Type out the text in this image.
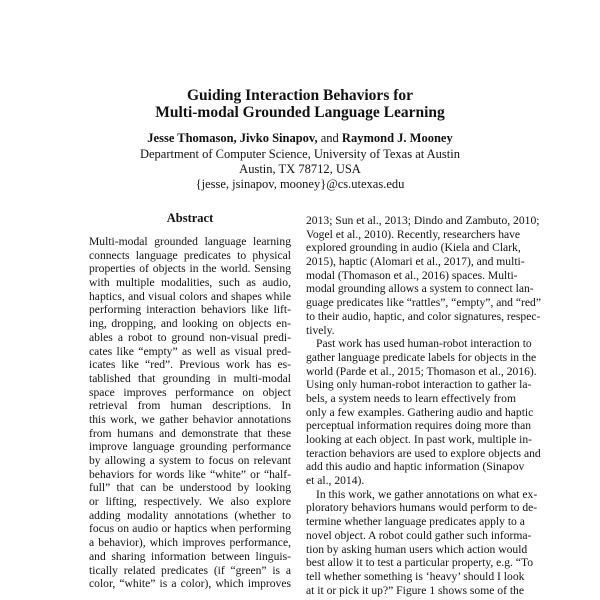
Guiding Interaction Behaviors for
Multi-modal Grounded Language Learning
Jesse Thomason, Jivko Sinapov, and Raymond J. Mooney
Department of Computer Science, University of Texas at Austin
Austin, TX 78712, USA
{jesse, jsinapov, mooney}@cs.utexas.edu
Abstract
Multi-modal grounded language learning
connects language predicates to physical
properties of objects in the world. Sensing
with multiple modalities, such as audio,
haptics, and visual colors and shapes while
performing interaction behaviors like lift-
ing, dropping, and looking on objects en-
ables a robot to ground non-visual predi-
cates like “empty” as well as visual pred-
icates like “red”. Previous work has es-
tablished that grounding in multi-modal
space improves performance on object
retrieval from human descriptions. In
this work, we gather behavior annotations
from humans and demonstrate that these
improve language grounding performance
by allowing a system to focus on relevant
behaviors for words like “white” or “half-
full” that can be understood by looking
or lifting, respectively. We also explore
adding modality annotations (whether to
focus on audio or haptics when performing
a behavior), which improves performance,
and sharing information between linguis-
tically related predicates (if “green” is a
color, “white” is a color), which improves
2013; Sun et al., 2013; Dindo and Zambuto, 2010;
Vogel et al., 2010). Recently, researchers have
explored grounding in audio (Kiela and Clark,
2015), haptic (Alomari et al., 2017), and multi-
modal (Thomason et al., 2016) spaces. Multi-
modal grounding allows a system to connect lan-
guage predicates like “rattles”, “empty”, and “red”
to their audio, haptic, and color signatures, respec-
tively.
Past work has used human-robot interaction to
gather language predicate labels for objects in the
world (Parde et al., 2015; Thomason et al., 2016).
Using only human-robot interaction to gather la-
bels, a system needs to learn effectively from
only a few examples. Gathering audio and haptic
perceptual information requires doing more than
looking at each object. In past work, multiple in-
teraction behaviors are used to explore objects and
add this audio and haptic information (Sinapov
et al., 2014).
In this work, we gather annotations on what ex-
ploratory behaviors humans would perform to de-
termine whether language predicates apply to a
novel object. A robot could gather such informa-
tion by asking human users which action would
best allow it to test a particular property, e.g. “To
tell whether something is ‘heavy’ should I look
at it or pick it up?” Figure 1 shows some of the
